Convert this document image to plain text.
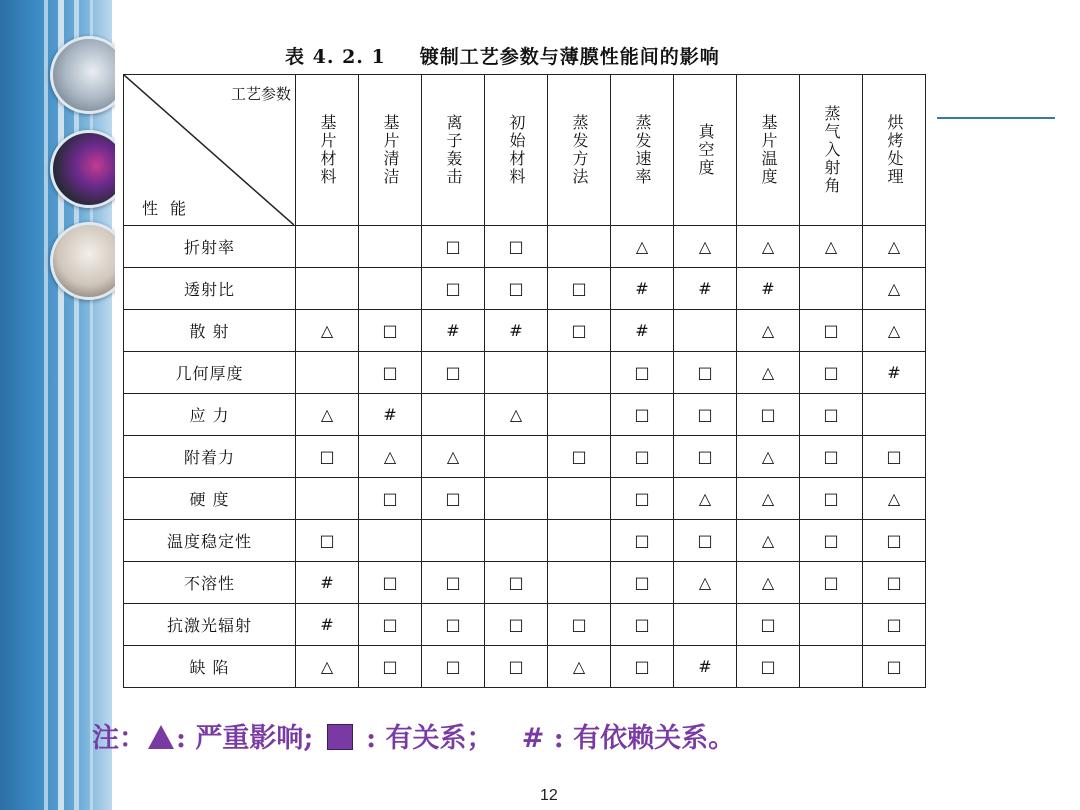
表 4. 2. 1 镀制工艺参数与薄膜性能间的影响
工艺参数
性能	基片材料	基片清洁	离子轰击	初始材料	蒸发方法	蒸发速率	真空度	基片温度	蒸气入射角	烘烤处理

折射率			□	□		△	△	△	△	△
透射比			□	□	□	#	#	#		△
散 射	△	□	#	#	□	#		△	□	△
几何厚度		□	□			□	□	△	□	#
应 力	△	#		△		□	□	□	□	
附着力	□	△	△		□	□	□	△	□	□
硬 度		□	□			□	△	△	□	△
温度稳定性	□					□	□	△	□	□
不溶性	#	□	□	□		□	△	△	□	□
抗激光辐射	#	□	□	□	□	□		□		□
缺 陷	△	□	□	□	△	□	#	□		□
注： : 严重影响;  : 有关系； # : 有依赖关系。
12
